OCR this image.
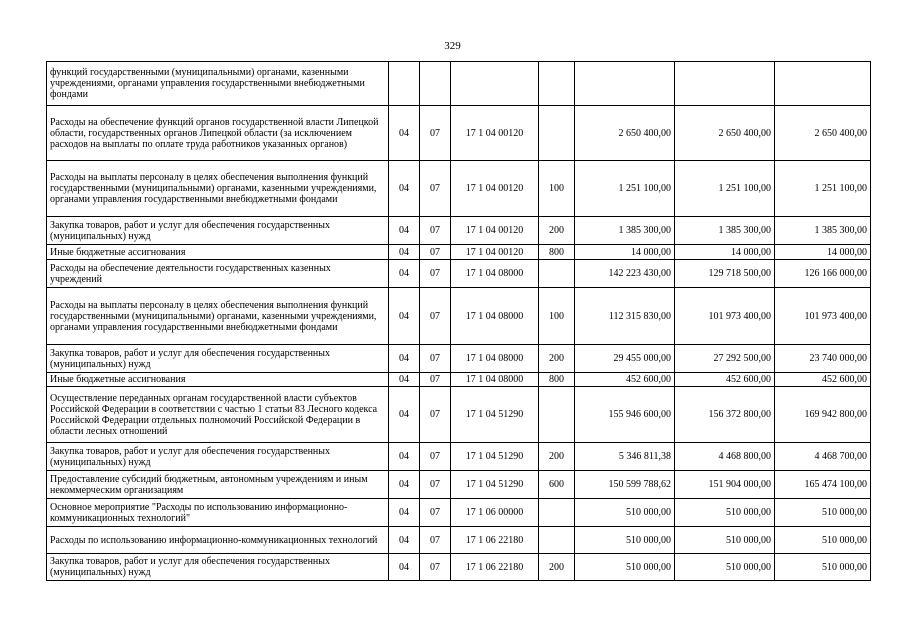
329
функций государственными (муниципальными) органами, казенными учреждениями, органами управления государственными внебюджетными фондами							
Расходы на обеспечение функций органов государственной власти Липецкой области, государственных органов Липецкой области (за исключением расходов на выплаты по оплате труда работников указанных органов)	04	07	17 1 04 00120		2 650 400,00	2 650 400,00	2 650 400,00
Расходы на выплаты персоналу в целях обеспечения выполнения функций государственными (муниципальными) органами, казенными учреждениями, органами управления государственными внебюджетными фондами	04	07	17 1 04 00120	100	1 251 100,00	1 251 100,00	1 251 100,00
Закупка товаров, работ и услуг для обеспечения государственных (муниципальных) нужд	04	07	17 1 04 00120	200	1 385 300,00	1 385 300,00	1 385 300,00
Иные бюджетные ассигнования	04	07	17 1 04 00120	800	14 000,00	14 000,00	14 000,00
Расходы на обеспечение деятельности государственных казенных учреждений	04	07	17 1 04 08000		142 223 430,00	129 718 500,00	126 166 000,00
Расходы на выплаты персоналу в целях обеспечения выполнения функций государственными (муниципальными) органами, казенными учреждениями, органами управления государственными внебюджетными фондами	04	07	17 1 04 08000	100	112 315 830,00	101 973 400,00	101 973 400,00
Закупка товаров, работ и услуг для обеспечения государственных (муниципальных) нужд	04	07	17 1 04 08000	200	29 455 000,00	27 292 500,00	23 740 000,00
Иные бюджетные ассигнования	04	07	17 1 04 08000	800	452 600,00	452 600,00	452 600,00
Осуществление переданных органам государственной власти субъектов Российской Федерации в соответствии с частью 1 статьи 83 Лесного кодекса Российской Федерации отдельных полномочий Российской Федерации в области лесных отношений	04	07	17 1 04 51290		155 946 600,00	156 372 800,00	169 942 800,00
Закупка товаров, работ и услуг для обеспечения государственных (муниципальных) нужд	04	07	17 1 04 51290	200	5 346 811,38	4 468 800,00	4 468 700,00
Предоставление субсидий бюджетным, автономным учреждениям и иным некоммерческим организациям	04	07	17 1 04 51290	600	150 599 788,62	151 904 000,00	165 474 100,00
Основное мероприятие "Расходы по использованию информационно-коммуникационных технологий"	04	07	17 1 06 00000		510 000,00	510 000,00	510 000,00
Расходы по использованию информационно-коммуникационных технологий	04	07	17 1 06 22180		510 000,00	510 000,00	510 000,00
Закупка товаров, работ и услуг для обеспечения государственных (муниципальных) нужд	04	07	17 1 06 22180	200	510 000,00	510 000,00	510 000,00
